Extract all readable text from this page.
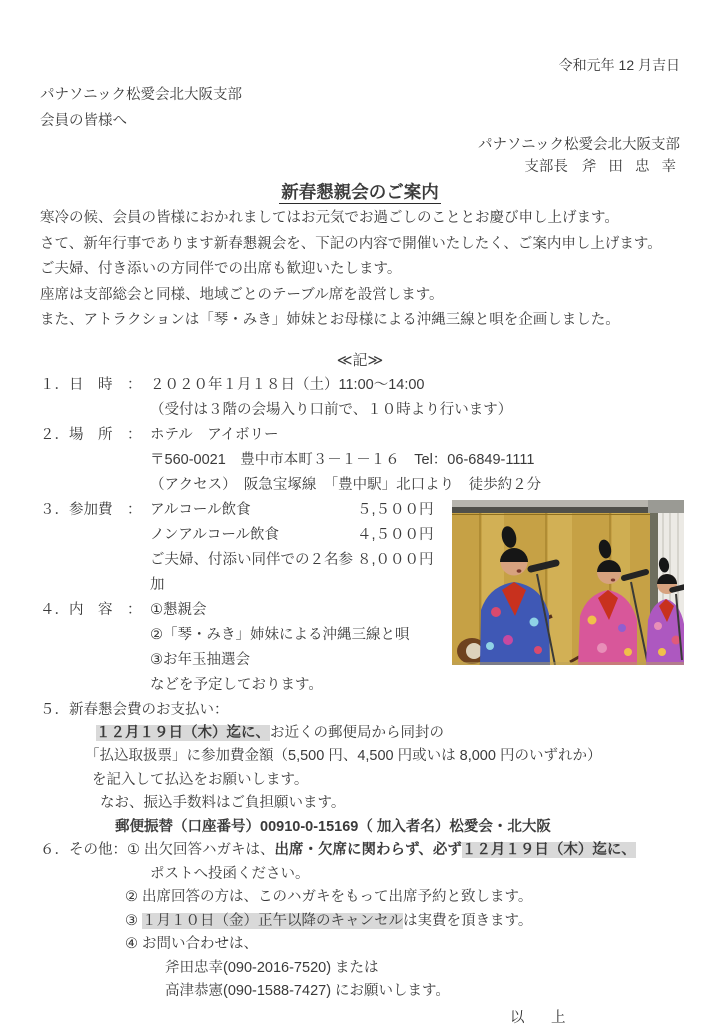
令和元年 12 月吉日
パナソニック松愛会北大阪支部
会員の皆様へ
パナソニック松愛会北大阪支部
支部長 斧 田 忠 幸
新春懇親会のご案内
寒冷の候、会員の皆様におかれましてはお元気でお過ごしのこととお慶び申し上げます。
さて、新年行事であります新春懇親会を、下記の内容で開催いたしたく、ご案内申し上げます。
ご夫婦、付き添いの方同伴での出席も歓迎いたします。
座席は支部総会と同様、地域ごとのテーブル席を設営します。
また、アトラクションは「琴・みき」姉妹とお母様による沖縄三線と唄を企画しました。
≪記≫
１．日　時　： ２０２０年１月１８日（土）11:00～14:00
（受付は３階の会場入り口前で、１０時より行います）
２．場　所　： ホテル　アイボリー
〒560-0021　豊中市本町３－１－１６　Tel：06-6849-1111
（アクセス）　阪急宝塚線　「豊中駅」北口より　徒歩約２分
３．参加費　： アルコール飲食	５,５００円
ノンアルコール飲食	４,５００円
ご夫婦、付添い同伴での２名参加
８,０００円
４．内　容　： ①懇親会
②「琴・みき」姉妹による沖縄三線と唄
③お年玉抽選会
などを予定しております。
５．新春懇会費のお支払い：
１２月１９日（木）迄に、お近くの郵便局から同封の
「払込取扱票」に参加費金額（5,500 円、4,500 円或いは 8,000 円のいずれか）
を記入して払込をお願いします。
なお、振込手数料はご負担願います。
郵便振替（口座番号）00910-0-15169（ 加入者名）松愛会・北大阪
６．その他：① 出欠回答ハガキは、出席・欠席に関わらず、必ず１２月１９日（木）迄に、
ポストへ投函ください。
② 出席回答の方は、このハガキをもって出席予約と致します。
③ １月１０日（金）正午以降のキャンセルは実費を頂きます。
④ お問い合わせは、
斧田忠幸(090-2016-7520) または
高津恭憲(090-1588-7427) にお願いします。
以　上
